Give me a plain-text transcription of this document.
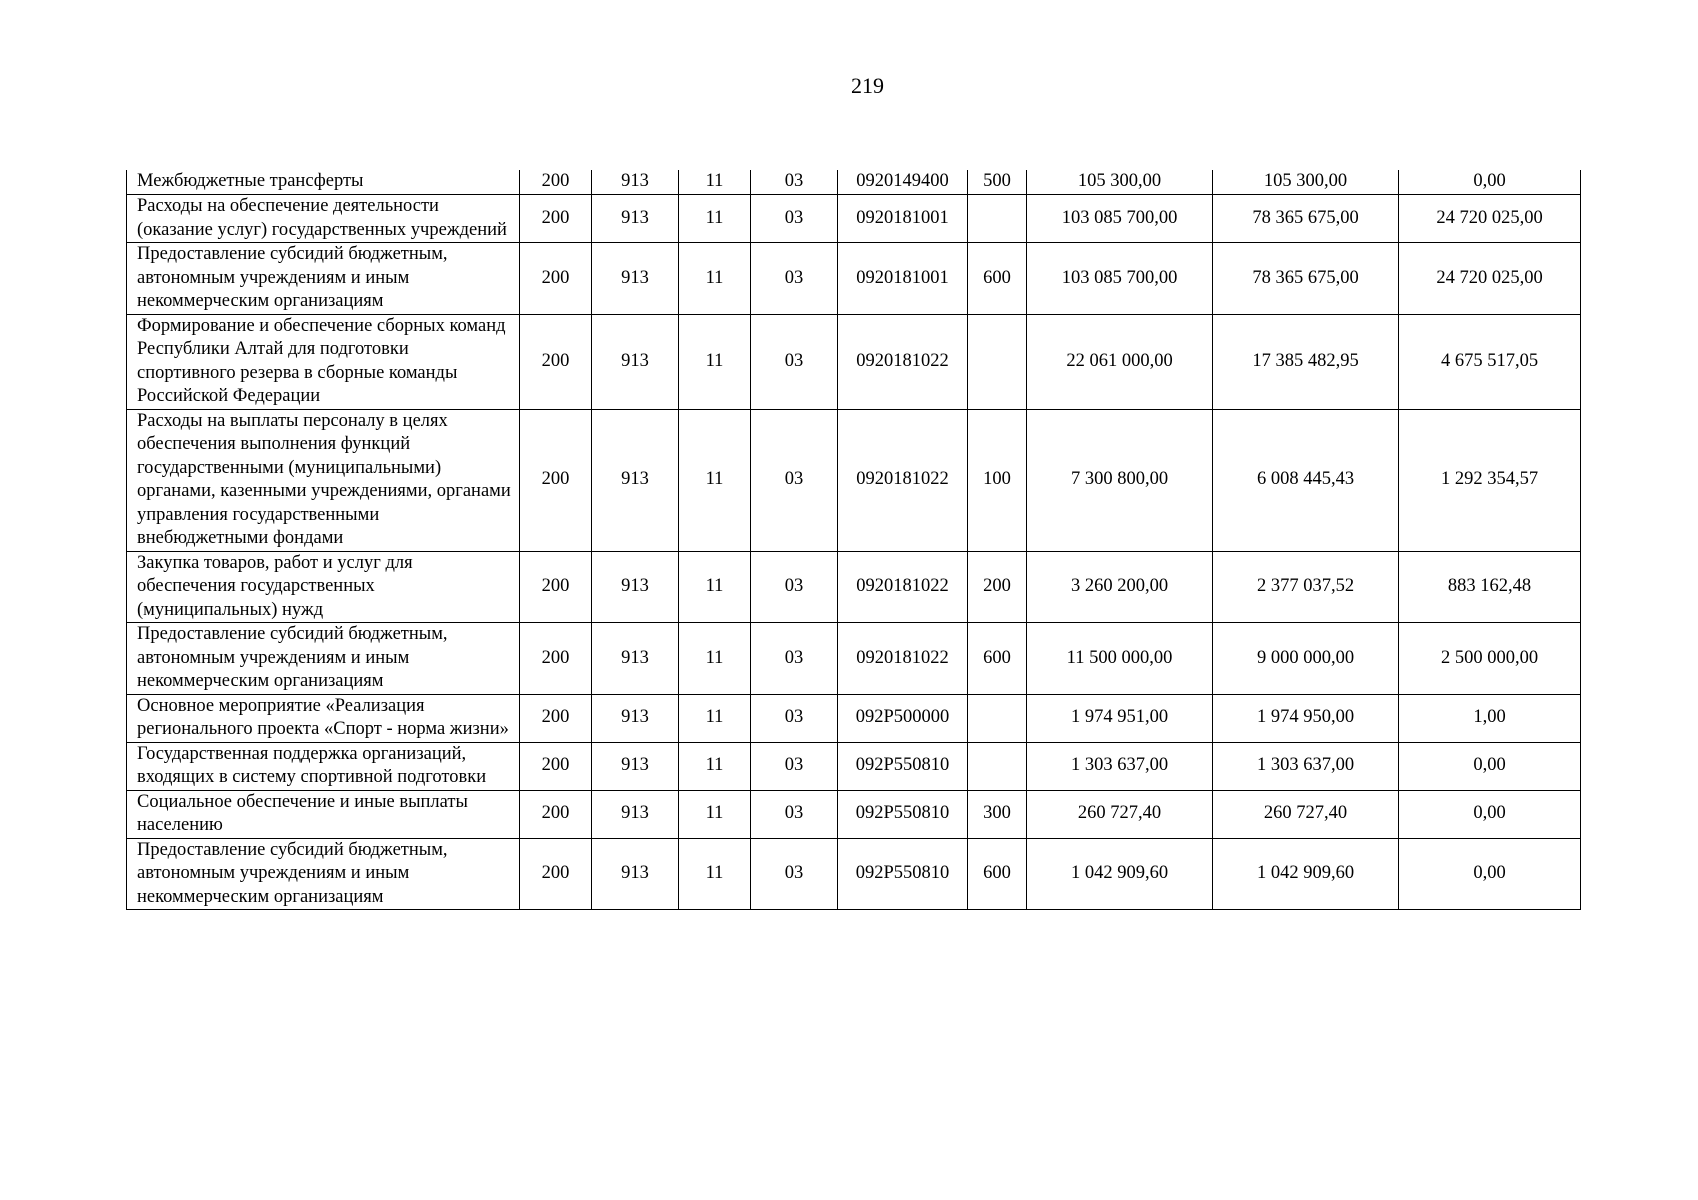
219
Межбюджетные трансферты	200	913	11	03	0920149400	500	105 300,00	105 300,00	0,00
Расходы на обеспечение деятельности (оказание услуг) государственных учреждений	200	913	11	03	0920181001		103 085 700,00	78 365 675,00	24 720 025,00
Предоставление субсидий бюджетным, автономным учреждениям и иным некоммерческим организациям	200	913	11	03	0920181001	600	103 085 700,00	78 365 675,00	24 720 025,00
Формирование и обеспечение сборных команд Республики Алтай для подготовки спортивного резерва в сборные команды Российской Федерации	200	913	11	03	0920181022		22 061 000,00	17 385 482,95	4 675 517,05
Расходы на выплаты персоналу в целях обеспечения выполнения функций государственными (муниципальными) органами, казенными учреждениями, органами управления государственными внебюджетными фондами	200	913	11	03	0920181022	100	7 300 800,00	6 008 445,43	1 292 354,57
Закупка товаров, работ и услуг для обеспечения государственных (муниципальных) нужд	200	913	11	03	0920181022	200	3 260 200,00	2 377 037,52	883 162,48
Предоставление субсидий бюджетным, автономным учреждениям и иным некоммерческим организациям	200	913	11	03	0920181022	600	11 500 000,00	9 000 000,00	2 500 000,00
Основное мероприятие «Реализация регионального проекта «Спорт - норма жизни»	200	913	11	03	092P500000		1 974 951,00	1 974 950,00	1,00
Государственная поддержка организаций, входящих в систему спортивной подготовки	200	913	11	03	092P550810		1 303 637,00	1 303 637,00	0,00
Социальное обеспечение и иные выплаты населению	200	913	11	03	092P550810	300	260 727,40	260 727,40	0,00
Предоставление субсидий бюджетным, автономным учреждениям и иным некоммерческим организациям	200	913	11	03	092P550810	600	1 042 909,60	1 042 909,60	0,00
